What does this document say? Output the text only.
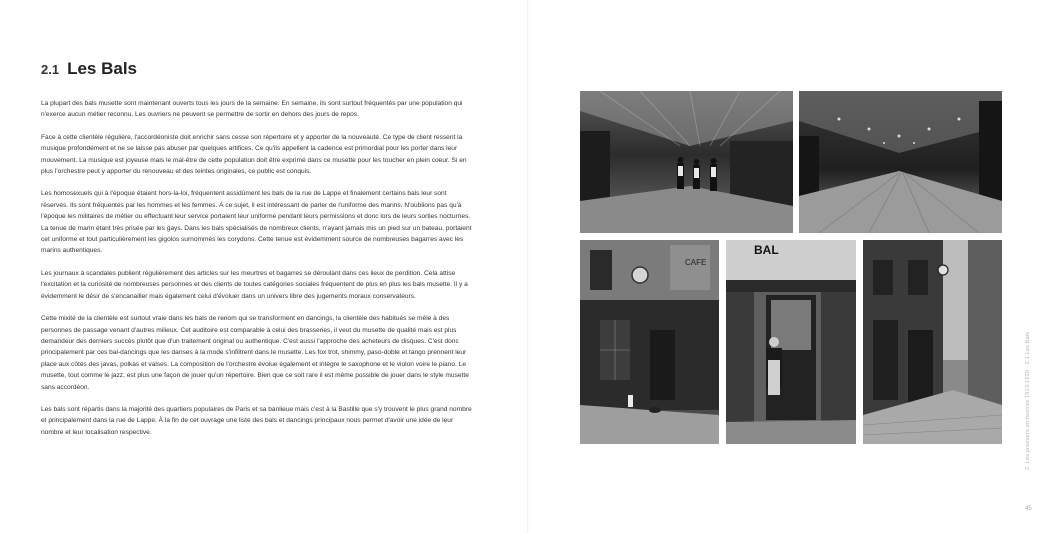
2.1 Les Bals

La plupart des bals musette sont maintenant ouverts tous les jours de la semaine. En semaine, ils sont surtout fréquentés par une population qui n'exerce aucun métier reconnu. Les ouvriers ne peuvent se permettre de sortir en dehors des jours de repos.

Face à cette clientèle régulière, l'accordéoniste doit enrichir sans cesse son répertoire et y apporter de la nouveauté. Ce type de client ressent la musique profondément et ne se laisse pas abuser par quelques artifices. Ce qu'ils appellent la cadence est primordial pour les porter dans leur mouvement. La musique est joyeuse mais le mal-être de cette population doit être exprimé dans ce musette pour les toucher en plein coeur. Si en plus l'orchestre peut y apporter du renouveau et des teintes originales, ce public est conquis.

Les homosexuels qui à l'époque étaient hors-la-loi, fréquentent assidûment les bals de la rue de Lappe et finalement certains bals leur sont réservés. Ils sont fréquentés par les hommes et les femmes. À ce sujet, il est intéressant de parler de l'uniforme des marins. N'oublions pas qu'à l'époque les militaires de métier ou effectuant leur service portaient leur uniforme pendant leurs permissions et donc lors de leurs sorties nocturnes. La tenue de marin étant très prisée par les gays. Dans les bals spécialisés de nombreux clients, n'ayant jamais mis un pied sur un bateau, portaient cet uniforme et tout particulièrement les gigolos surnommés les corydons. Cette tenue est évidemment source de nombreuses bagarres avec les marins authentiques.

Les journaux à scandales publient régulièrement des articles sur les meurtres et bagarres se déroulant dans ces lieux de perdition. Cela attise l'excitation et la curiosité de nombreuses personnes et des clients de toutes catégories sociales fréquentent de plus en plus les bals musette. Il y a évidemment le désir de s'encanailler mais également celui d'évoluer dans un univers libre des jugements moraux conservateurs.

Cette mixité de la clientèle est surtout vraie dans les bals de renom qui se transforment en dancings, la clientèle des habitués se mêle à des personnes de passage venant d'autres milieux. Cet auditoire est comparable à celui des brasseries, il veut du musette de qualité mais est plus demandeur des derniers succès plutôt que d'un traitement original ou authentique. C'est aussi l'approche des acheteurs de disques. C'est donc principalement par ces bal-dancings que les danses à la mode s'infiltrent dans le musette. Les fox trot, shimmy, paso-doble et tango prennent leur place aux côtés des javas, polkas et valses. La composition de l'orchestre évolue également et intègre le saxophone et le violon voire le piano. Le musette, tout comme le jazz, est plus une façon de jouer qu'un répertoire. Bien que ce soit rare il est même possible de jouer dans le style musette sans accordéon.

Les bals sont répartis dans la majorité des quartiers populaires de Paris et sa banlieue mais c'est à la Bastille que s'y trouvent le plus grand nombre et principalement dans la rue de Lappe. À la fin de cet ouvrage une liste des bals et dancings principaux nous permet d'avoir une idée de leur nombre et leur localisation respective.

CAFE
BAL
2. Les premiers orchestres 1913-1920 · 2.1 Les Bals
45
